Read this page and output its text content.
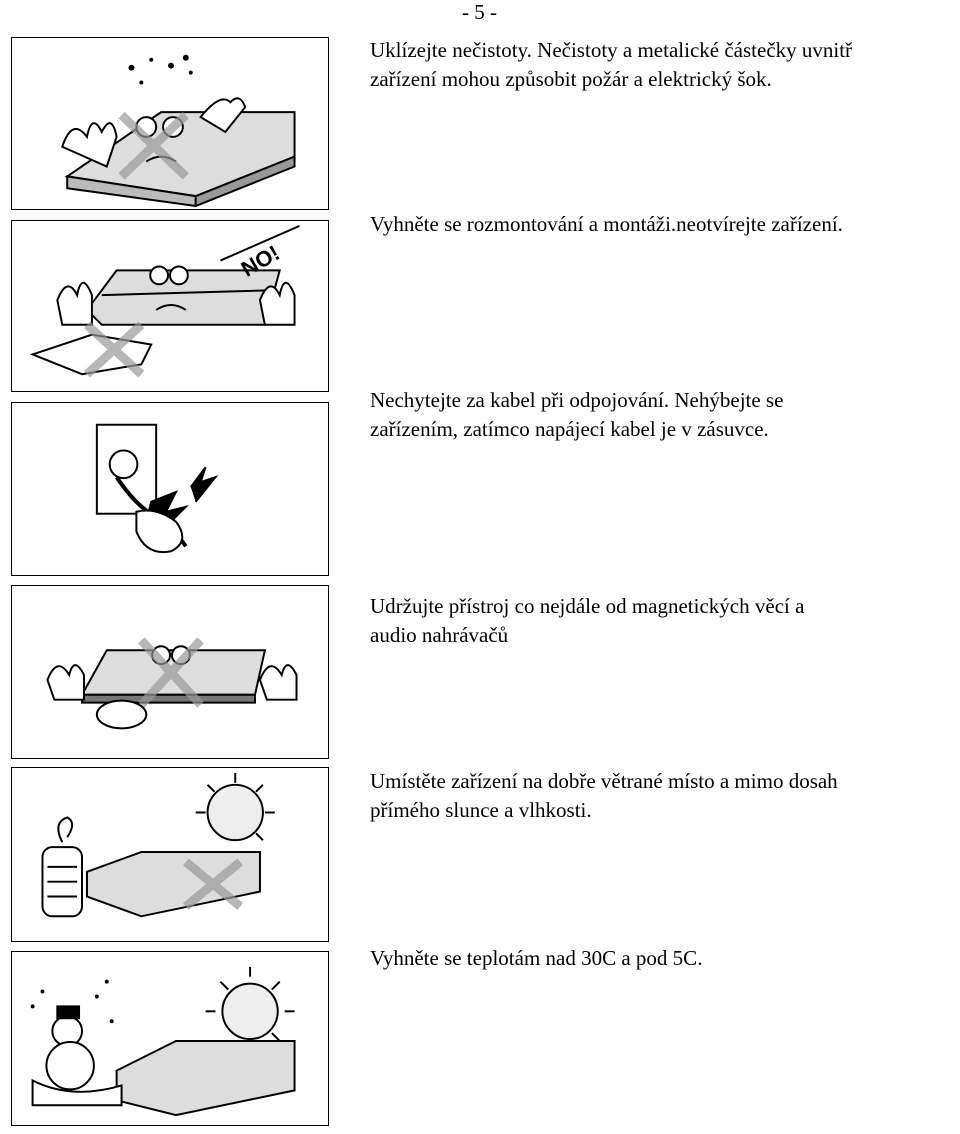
- 5 -
NO!
Uklízejte nečistoty. Nečistoty a metalické částečky uvnitř
zařízení mohou způsobit požár a elektrický šok.
Vyhněte se rozmontování a montáži.neotvírejte zařízení.
Nechytejte za kabel při odpojování. Nehýbejte se
zařízením, zatímco napájecí kabel je v zásuvce.
Udržujte přístroj co nejdále od magnetických věcí a
audio nahrávačů
Umístěte zařízení na dobře větrané místo a mimo dosah
přímého slunce a vlhkosti.
Vyhněte se teplotám nad 30C a pod 5C.
